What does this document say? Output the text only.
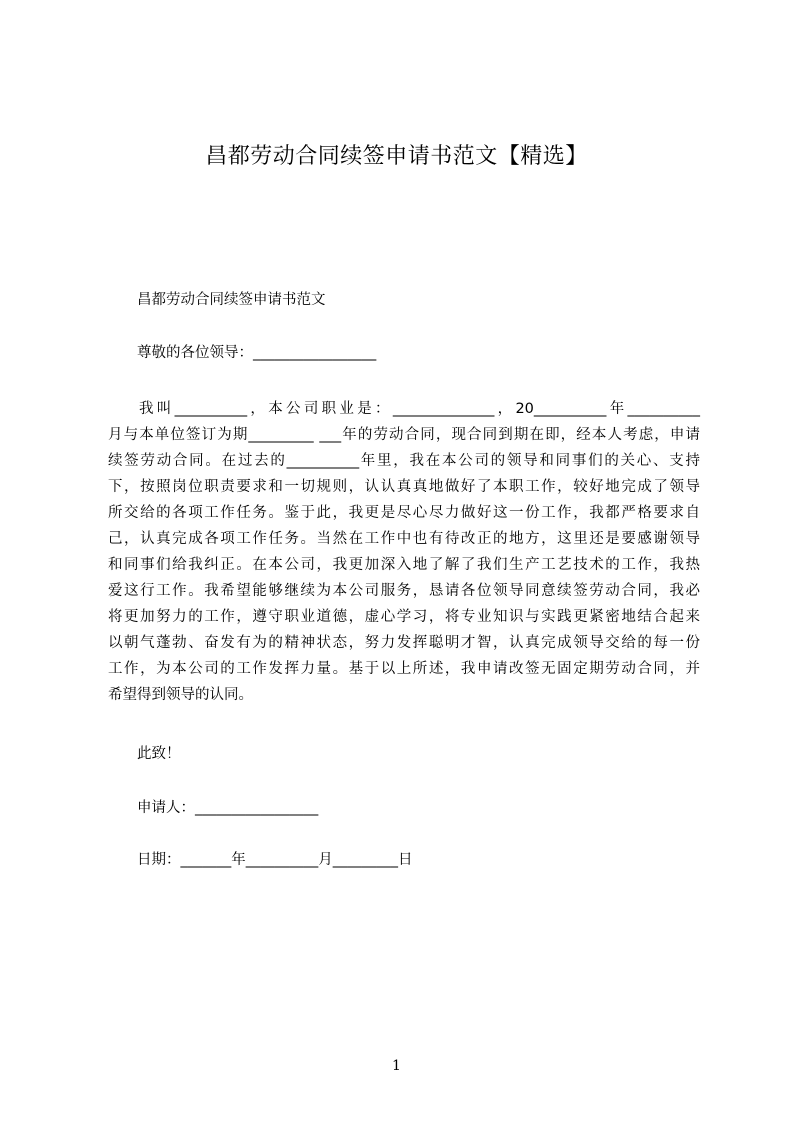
昌都劳动合同续签申请书范文【精选】
昌都劳动合同续签申请书范文
尊敬的各位领导：_________________
我叫__________，本公司职业是：______________，20__________年__________
月与本单位签订为期_________ ___年的劳动合同，现合同到期在即，经本人考虑，申请
续签劳动合同。在过去的__________年里，我在本公司的领导和同事们的关心、支持
下，按照岗位职责要求和一切规则，认认真真地做好了本职工作，较好地完成了领导
所交给的各项工作任务。鉴于此，我更是尽心尽力做好这一份工作，我都严格要求自
己，认真完成各项工作任务。当然在工作中也有待改正的地方，这里还是要感谢领导
和同事们给我纠正。在本公司，我更加深入地了解了我们生产工艺技术的工作，我热
爱这行工作。我希望能够继续为本公司服务，恳请各位领导同意续签劳动合同，我必
将更加努力的工作，遵守职业道德，虚心学习，将专业知识与实践更紧密地结合起来
以朝气蓬勃、奋发有为的精神状态，努力发挥聪明才智，认真完成领导交给的每一份
工作，为本公司的工作发挥力量。基于以上所述，我申请改签无固定期劳动合同，并
希望得到领导的认同。
此致！
申请人：_________________
日期：_______年__________月_________日
1
